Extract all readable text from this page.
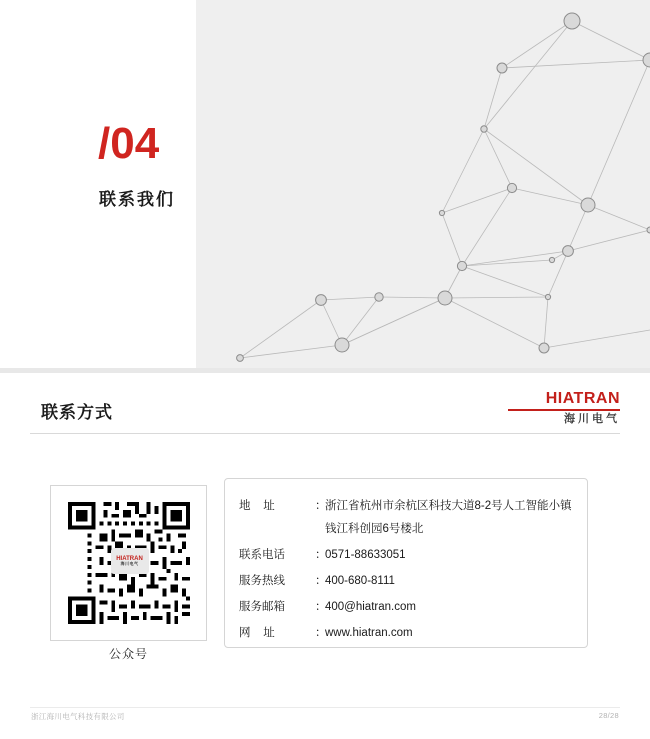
/04
联系我们
联系方式
HIATRAN
海川电气
HIATRAN
海川电气
公众号
地    址	：
浙江省杭州市余杭区科技大道8-2号人工智能小镇
钱江科创园6号楼北
联系电话	：
0571-88633051
服务热线	：
400-680-8111
服务邮箱	：
400@hiatran.com
网    址	：
www.hiatran.com
浙江海川电气科技有限公司	28/28
